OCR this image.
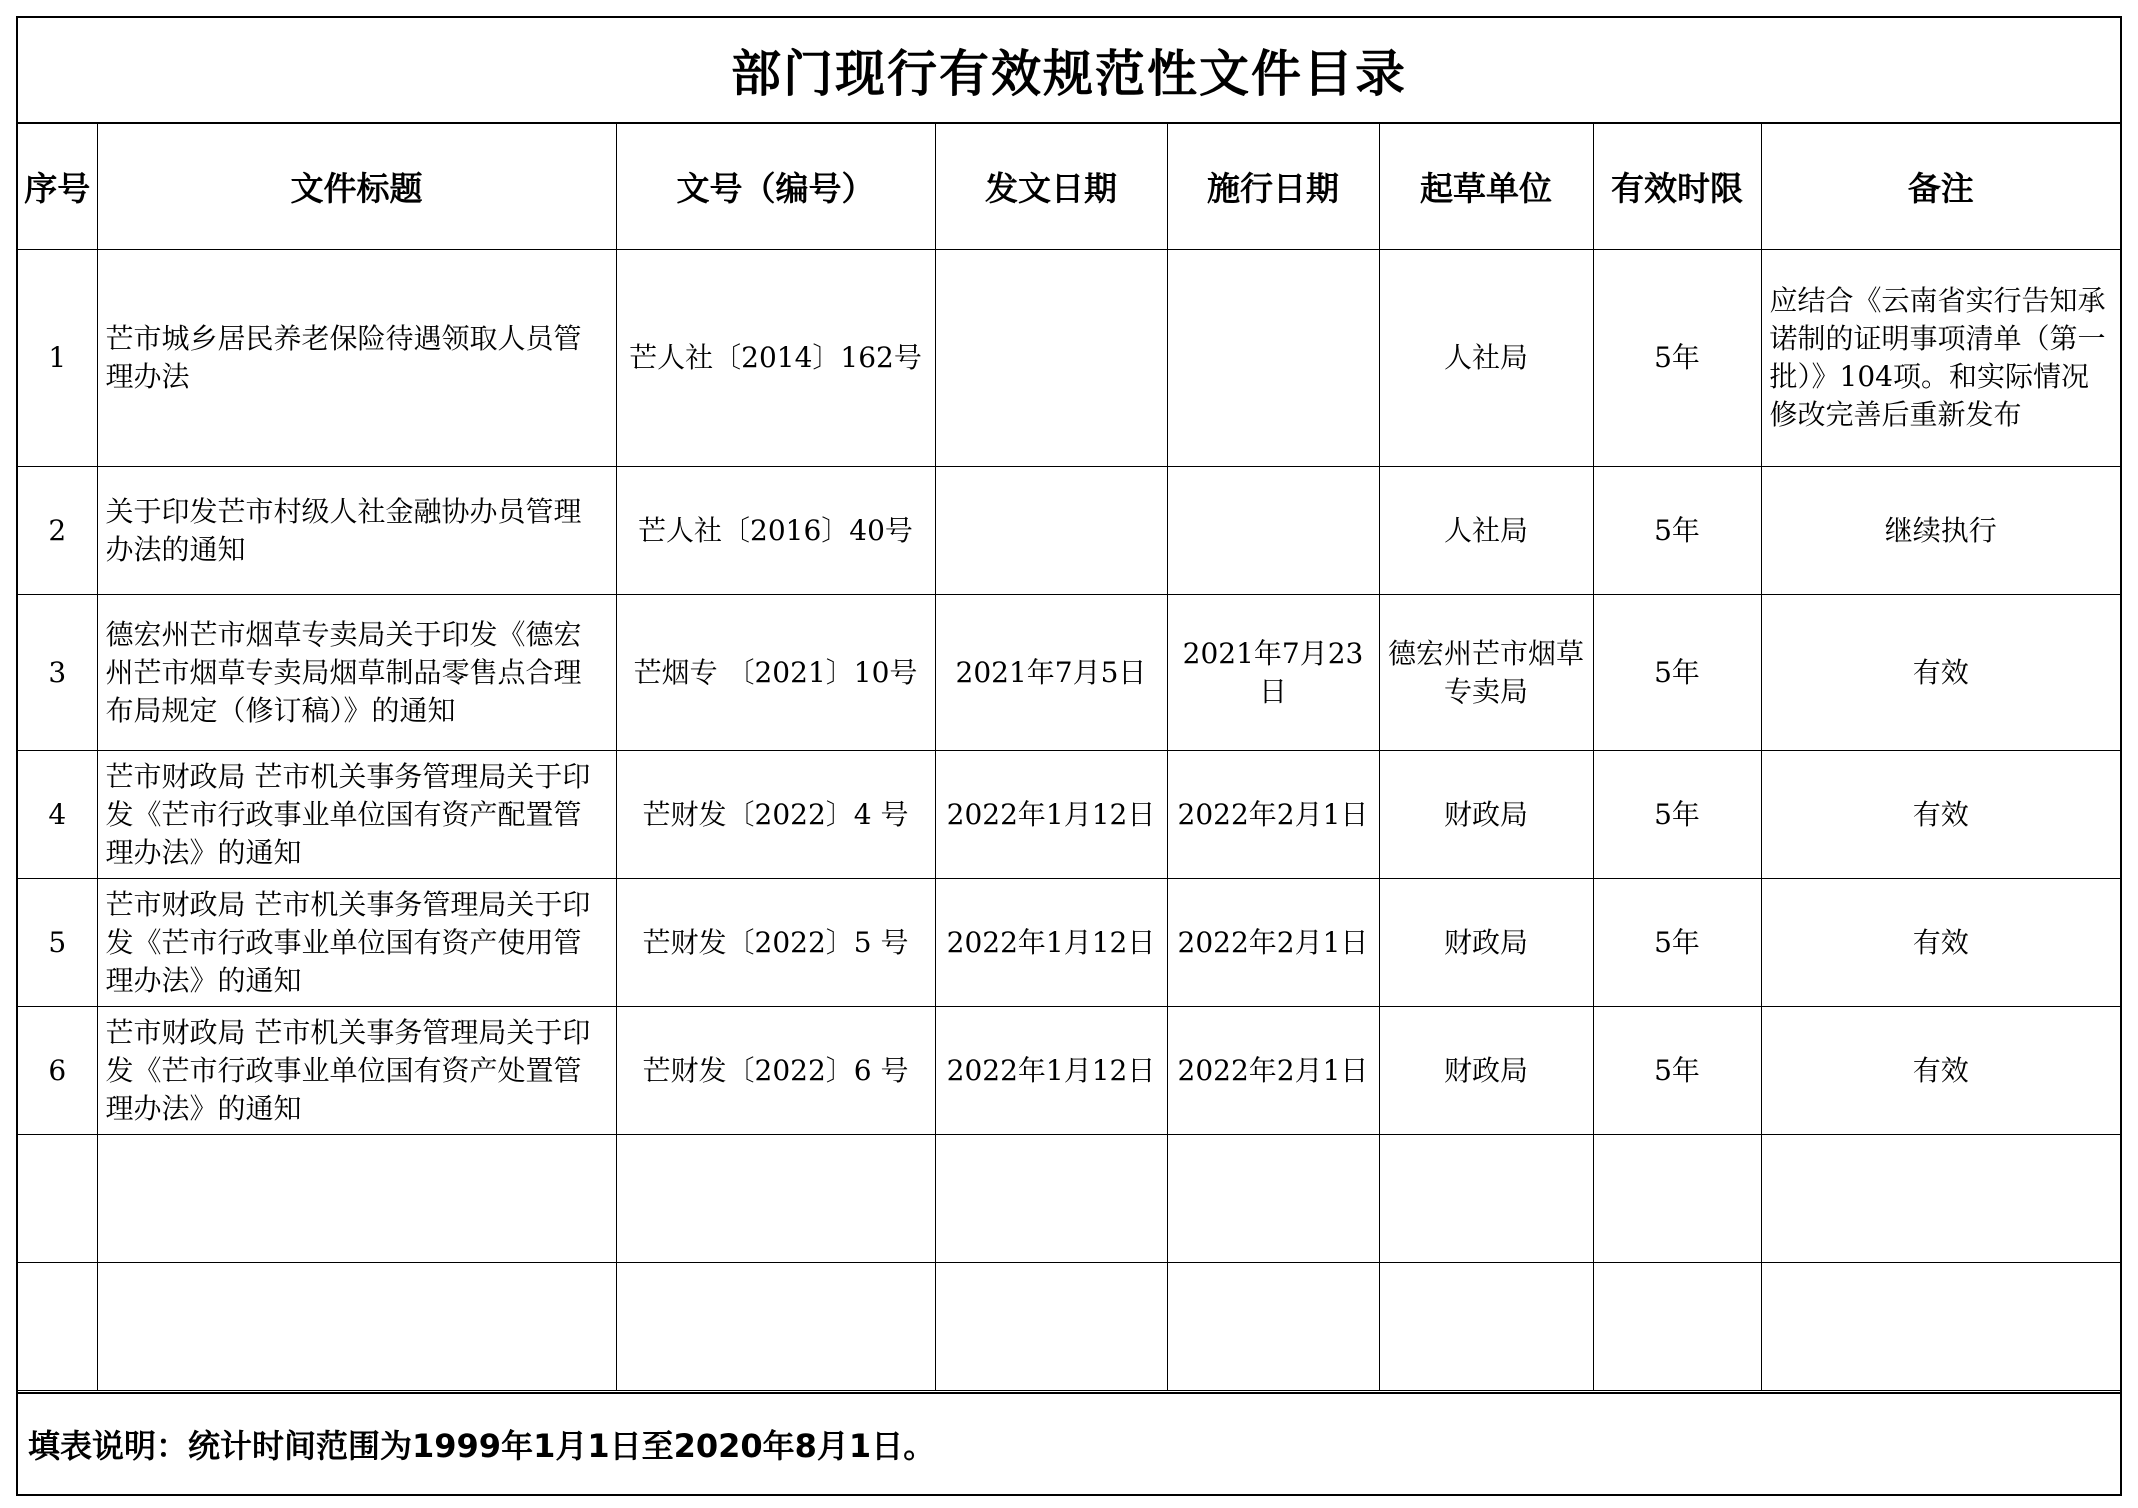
部门现行有效规范性文件目录
序号	文件标题	文号（编号）	发文日期	施行日期	起草单位	有效时限	备注
1	芒市城乡居民养老保险待遇领取人员管理办法	芒人社〔2014〕162号			人社局	5年	应结合《云南省实行告知承诺制的证明事项清单（第一批）》104项。和实际情况修改完善后重新发布
2	关于印发芒市村级人社金融协办员管理办法的通知	芒人社〔2016〕40号			人社局	5年	继续执行
3	德宏州芒市烟草专卖局关于印发《德宏州芒市烟草专卖局烟草制品零售点合理布局规定（修订稿）》的通知	芒烟专 〔2021〕10号	2021年7月5日	2021年7月23日	德宏州芒市烟草专卖局	5年	有效
4	芒市财政局 芒市机关事务管理局关于印发《芒市行政事业单位国有资产配置管理办法》的通知	芒财发〔2022〕4 号	2022年1月12日	2022年2月1日	财政局	5年	有效
5	芒市财政局 芒市机关事务管理局关于印发《芒市行政事业单位国有资产使用管理办法》的通知	芒财发〔2022〕5 号	2022年1月12日	2022年2月1日	财政局	5年	有效
6	芒市财政局 芒市机关事务管理局关于印发《芒市行政事业单位国有资产处置管理办法》的通知	芒财发〔2022〕6 号	2022年1月12日	2022年2月1日	财政局	5年	有效

填表说明：统计时间范围为1999年1月1日至2020年8月1日。
